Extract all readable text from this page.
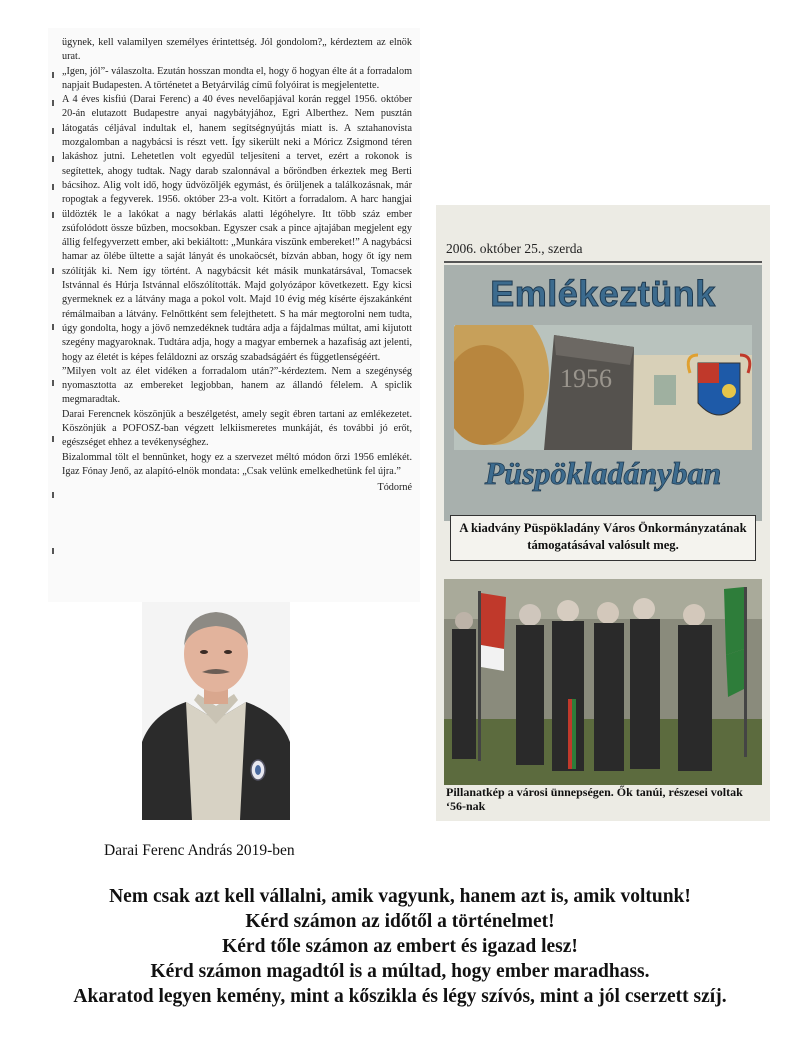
ügynek, kell valamilyen személyes érintettség. Jól gondolom?„ kérdeztem az elnök urat.

„Igen, jól”- válaszolta. Ezután hosszan mondta el, hogy ő hogyan élte át a forradalom napjait Budapesten. A történetet a Betyárvilág című folyóirat is megjelentette.

A 4 éves kisfiú (Darai Ferenc) a 40 éves nevelőapjával korán reggel 1956. október 20-án elutazott Budapestre anyai nagybátyjához, Egri Alberthez. Nem pusztán látogatás céljával indultak el, hanem segítségnyújtás miatt is. A sztahanovista mozgalomban a nagybácsi is részt vett. Így sikerült neki a Móricz Zsigmond téren lakáshoz jutni. Lehetetlen volt egyedül teljesíteni a tervet, ezért a rokonok is segítettek, ahogy tudtak. Nagy darab szalonnával a bőröndben érkeztek meg Berti bácsihoz. Alig volt idő, hogy üdvözöljék egymást, és örüljenek a találkozásnak, már ropogtak a fegyverek. 1956. október 23-a volt. Kitört a forradalom. A harc hangjai üldözték le a lakókat a nagy bérlakás alatti légóhelyre. Itt több száz ember zsúfolódott össze bűzben, mocsokban. Egyszer csak a pince ajtajában megjelent egy állig felfegyverzett ember, aki bekiáltott: „Munkára viszünk embereket!” A nagybácsi hamar az ölébe ültette a saját lányát és unokaöcsét, bízván abban, hogy őt így nem szólítják ki. Nem így történt. A nagybácsit két másik munkatársával, Tomacsek Istvánnal és Húrja Istvánnal előszólították. Majd golyózápor következett. Egy kicsi gyermeknek ez a látvány maga a pokol volt. Majd 10 évig még kísérte éjszakánként rémálmaiban a látvány. Felnőttként sem felejthetett. S ha már megtorolni nem tudta, úgy gondolta, hogy a jövő nemzedéknek tudtára adja a fájdalmas múltat, ami kijutott szegény magyaroknak. Tudtára adja, hogy a magyar embernek a hazafiság azt jelenti, hogy az életét is képes feláldozni az ország szabadságáért és függetlenségéért.

”Milyen volt az élet vidéken a forradalom után?”-kérdeztem. Nem a szegénység nyomasztotta az embereket legjobban, hanem az állandó félelem. A spiclik megmaradtak.

Darai Ferencnek köszönjük a beszélgetést, amely segít ébren tartani az emlékezetet. Köszönjük a POFOSZ-ban végzett lelkiismeretes munkáját, és további jó erőt, egészséget ehhez a tevékenységhez.

Bizalommal tölt el bennünket, hogy ez a szervezet méltó módon őrzi 1956 emlékét. Igaz Fónay Jenő, az alapító-elnök mondata: „Csak velünk emelkedhetünk fel újra.”

Tódorné
Darai Ferenc András 2019-ben
2006. október 25., szerda
1956
Emlékeztünk
Püspökladányban
A kiadvány Püspökladány Város Önkormányzatának támogatásával valósult meg.
Pillanatkép a városi ünnepségen. Ők tanúi, részesei voltak ‘56-nak
Nem csak azt kell vállalni, amik vagyunk, hanem azt is, amik voltunk!
Kérd számon az időtől a történelmet!
Kérd tőle számon az embert és igazad lesz!
Kérd számon magadtól is a múltad, hogy ember maradhass.
Akaratod legyen kemény, mint a kőszikla és légy szívós, mint a jól cserzett szíj.
